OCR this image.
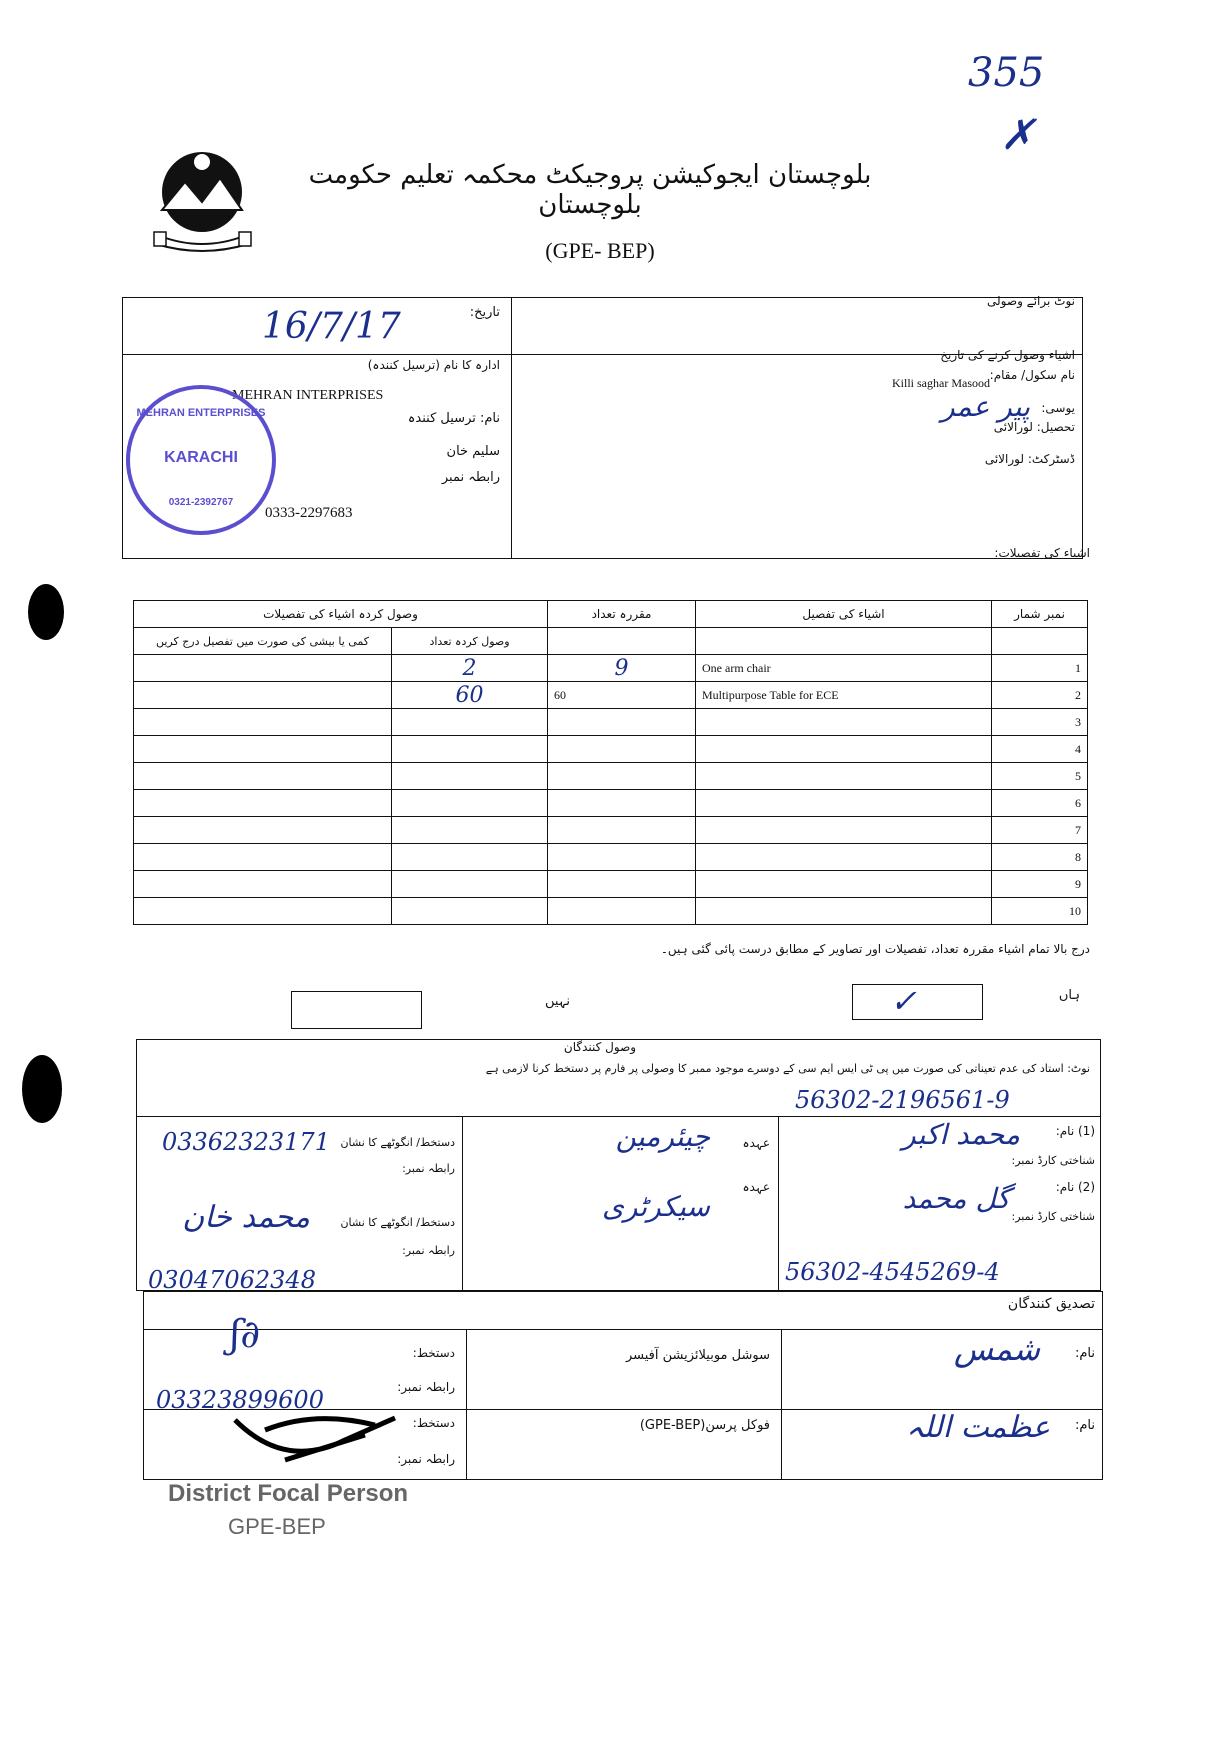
355
✗
بلوچستان ایجوکیشن پروجیکٹ محکمہ تعلیم حکومت بلوچستان
(GPE- BEP)
نوٹ برائے وصولی
تاریخ:
16/7/17
اشیاء وصول کرنے کی تاریخ
نام سکول/ مقام:
Killi saghar Masood
یوسی:
پیر عمر
تحصیل: لورالائی
ڈسٹرکٹ: لورالائی
ادارہ کا نام (ترسیل کنندہ)
MEHRAN INTERPRISES
نام: ترسیل کنندہ
سلیم خان
رابطہ نمبر
0333-2297683
MEHRAN ENTERPRISES
KARACHI
0321-2392767
اشیاء کی تفصیلات:
وصول کردہ اشیاء کی تفصیلات		مقررہ تعداد	اشیاء کی تفصیل	نمبر شمار
کمی یا بیشی کی صورت میں تفصیل درج کریں	وصول کردہ تعداد			
	2	9	One arm chair	1
	60	60	Multipurpose Table for ECE	2
				3
				4
				5
				6
				7
				8
				9
				10
درج بالا تمام اشیاء مقررہ تعداد، تفصیلات اور تصاویر کے مطابق درست پائی گئی ہیں۔
ہاں
✓
نہیں
وصول کنندگان
نوٹ: استاد کی عدم تعیناتی کی صورت میں پی ٹی ایس ایم سی کے دوسرے موجود ممبر کا وصولی پر فارم پر دستخط کرنا لازمی ہے
56302-2196561-9
(1) نام:
محمد اکبر
شناختی کارڈ نمبر:
(2) نام:
گل محمد
شناختی کارڈ نمبر:
56302-4545269-4
عہدہ
چیئرمین
عہدہ
سیکرٹری
دستخط/ انگوٹھے کا نشان
03362323171
رابطہ نمبر:
دستخط/ انگوٹھے کا نشان
محمد خان
رابطہ نمبر:
03047062348
تصدیق کنندگان
نام:
شمس
سوشل موبیلائزیشن آفیسر
دستخط:
ʃ∂
رابطہ نمبر:
03323899600
نام:
عظمت اللہ
فوکل پرسن(GPE-BEP)
دستخط:
رابطہ نمبر:
District Focal Person
GPE-BEP
